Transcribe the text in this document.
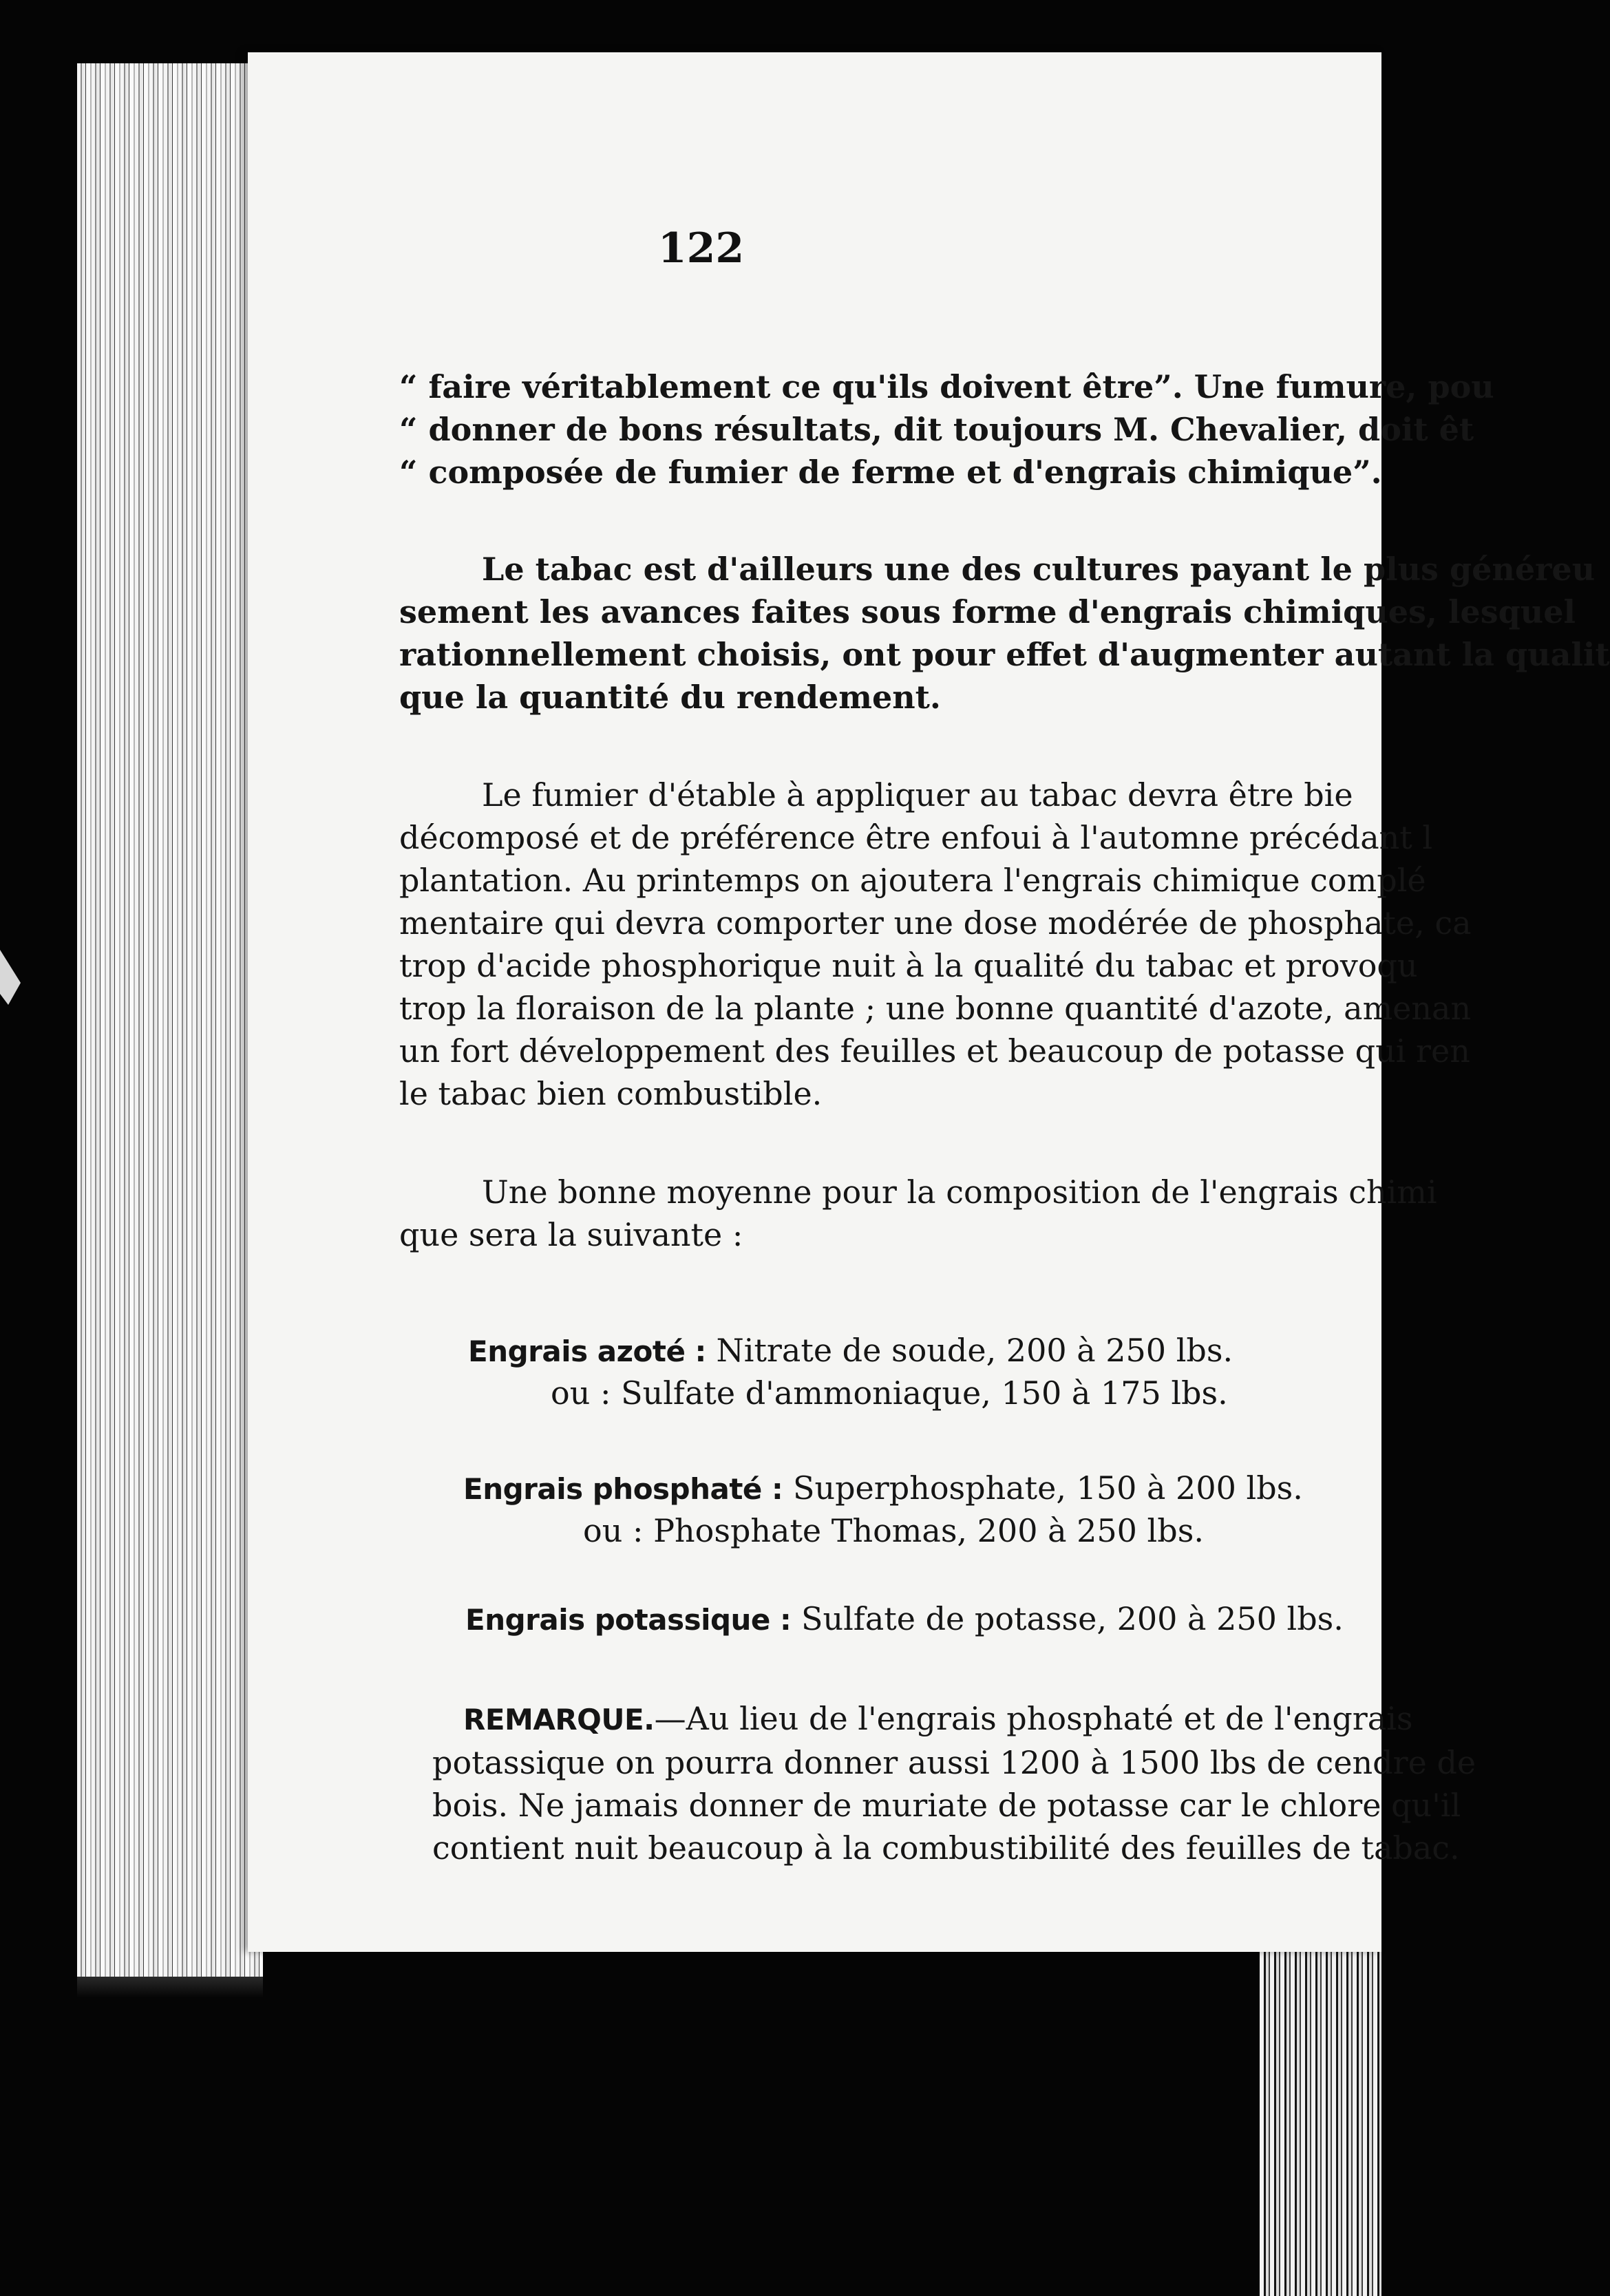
122
“ faire véritablement ce qu'ils doivent être”. Une fumure, pou
“ donner de bons résultats, dit toujours M. Chevalier, doit êt
“ composée de fumier de ferme et d'engrais chimique”.
Le tabac est d'ailleurs une des cultures payant le plus généreu
sement les avances faites sous forme d'engrais chimiques, lesquel
rationnellement choisis, ont pour effet d'augmenter autant la qualit
que la quantité du rendement.
Le fumier d'étable à appliquer au tabac devra être bie
décomposé et de préférence être enfoui à l'automne précédant l
plantation. Au printemps on ajoutera l'engrais chimique complé
mentaire qui devra comporter une dose modérée de phosphate, ca
trop d'acide phosphorique nuit à la qualité du tabac et provoqu
trop la floraison de la plante ; une bonne quantité d'azote, amenan
un fort développement des feuilles et beaucoup de potasse qui ren
le tabac bien combustible.
Une bonne moyenne pour la composition de l'engrais chimi
que sera la suivante :
Engrais azoté : Nitrate de soude, 200 à 250 lbs.
ou : Sulfate d'ammoniaque, 150 à 175 lbs.
Engrais phosphaté : Superphosphate, 150 à 200 lbs.
ou : Phosphate Thomas, 200 à 250 lbs.
Engrais potassique : Sulfate de potasse, 200 à 250 lbs.
REMARQUE.—Au lieu de l'engrais phosphaté et de l'engrais
potassique on pourra donner aussi 1200 à 1500 lbs de cendre de
bois. Ne jamais donner de muriate de potasse car le chlore qu'il
contient nuit beaucoup à la combustibilité des feuilles de tabac.
